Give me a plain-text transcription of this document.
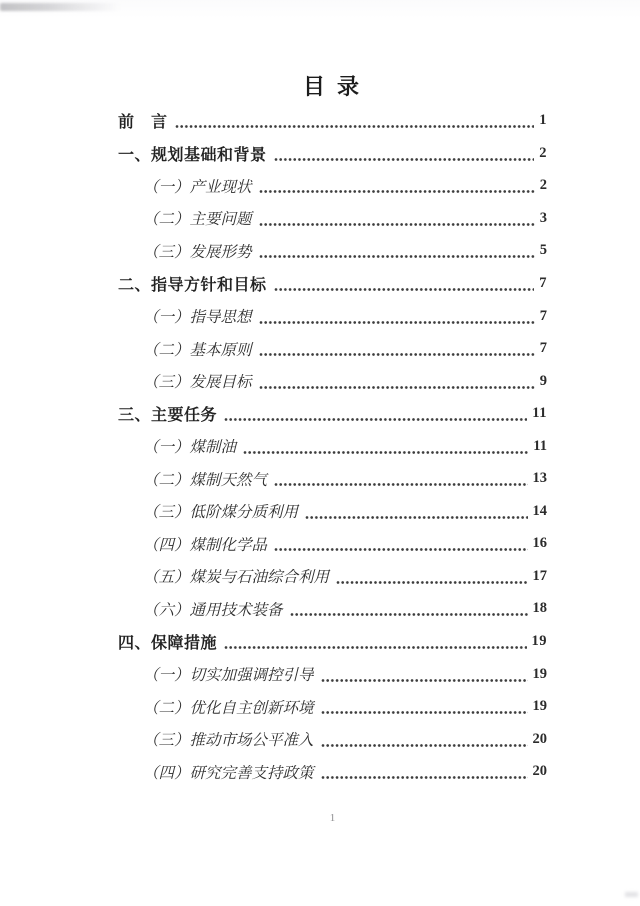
目 录
前　言	1
一、规划基础和背景	2
（一）产业现状	2
（二）主要问题	3
（三）发展形势	5
二、指导方针和目标	7
（一）指导思想	7
（二）基本原则	7
（三）发展目标	9
三、主要任务	11
（一）煤制油	11
（二）煤制天然气	13
（三）低阶煤分质利用	14
（四）煤制化学品	16
（五）煤炭与石油综合利用	17
（六）通用技术装备	18
四、保障措施	19
（一）切实加强调控引导	19
（二）优化自主创新环境	19
（三）推动市场公平准入	20
（四）研究完善支持政策	20
1
